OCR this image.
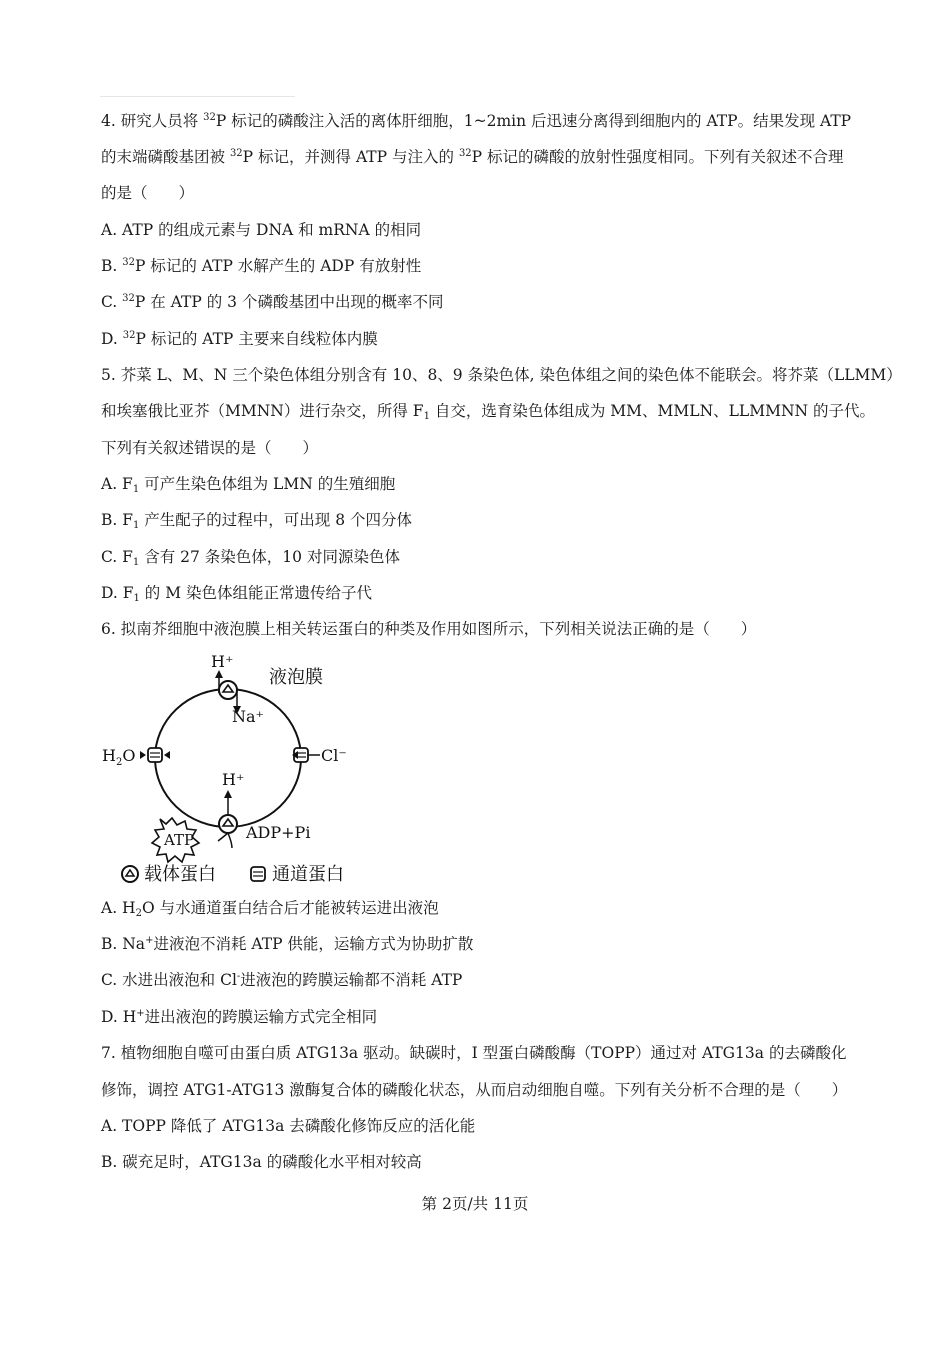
4. 研究人员将 $^{32}$P 标记的磷酸注入活的离体肝细胞，1~2min 后迅速分离得到细胞内的 ATP。结果发现 ATP
的末端磷酸基团被 $^{32}$P 标记，并测得 ATP 与注入的 $^{32}$P 标记的磷酸的放射性强度相同。下列有关叙述不合理
的是（　　）
A. ATP 的组成元素与 DNA 和 mRNA 的相同
B. $^{32}$P 标记的 ATP 水解产生的 ADP 有放射性
C. $^{32}$P 在 ATP 的 3 个磷酸基团中出现的概率不同
D. $^{32}$P 标记的 ATP 主要来自线粒体内膜
5. 芥菜 L、M、N 三个染色体组分别含有 10、8、9 条染色体, 染色体组之间的染色体不能联会。将芥菜（LLMM）
和埃塞俄比亚芥（MMNN）进行杂交，所得 $F_1$ 自交，选育染色体组成为 MM、MMLN、LLMMNN 的子代。
下列有关叙述错误的是（　　）
A. $F_1$ 可产生染色体组为 LMN 的生殖细胞
B. $F_1$ 产生配子的过程中，可出现 8 个四分体
C. $F_1$ 含有 27 条染色体，10 对同源染色体
D. $F_1$ 的 M 染色体组能正常遗传给子代
6. 拟南芥细胞中液泡膜上相关转运蛋白的种类及作用如图所示，下列相关说法正确的是（　　）
H⁺
Na⁺
液泡膜
$H_2O$	Cl⁻
H⁺
ATP	ADP+Pi
载体蛋白	通道蛋白
A. $H_2O$ 与水通道蛋白结合后才能被转运进出液泡
B. Na+进液泡不消耗 ATP 供能，运输方式为协助扩散
C. 水进出液泡和 Cl-进液泡的跨膜运输都不消耗 ATP
D. H+进出液泡的跨膜运输方式完全相同
7. 植物细胞自噬可由蛋白质 ATG13a 驱动。缺碳时，I 型蛋白磷酸酶（TOPP）通过对 ATG13a 的去磷酸化
修饰，调控 ATG1-ATG13 激酶复合体的磷酸化状态，从而启动细胞自噬。下列有关分析不合理的是（　　）
A. TOPP 降低了 ATG13a 去磷酸化修饰反应的活化能
B. 碳充足时，ATG13a 的磷酸化水平相对较高
第 2页/共 11页
